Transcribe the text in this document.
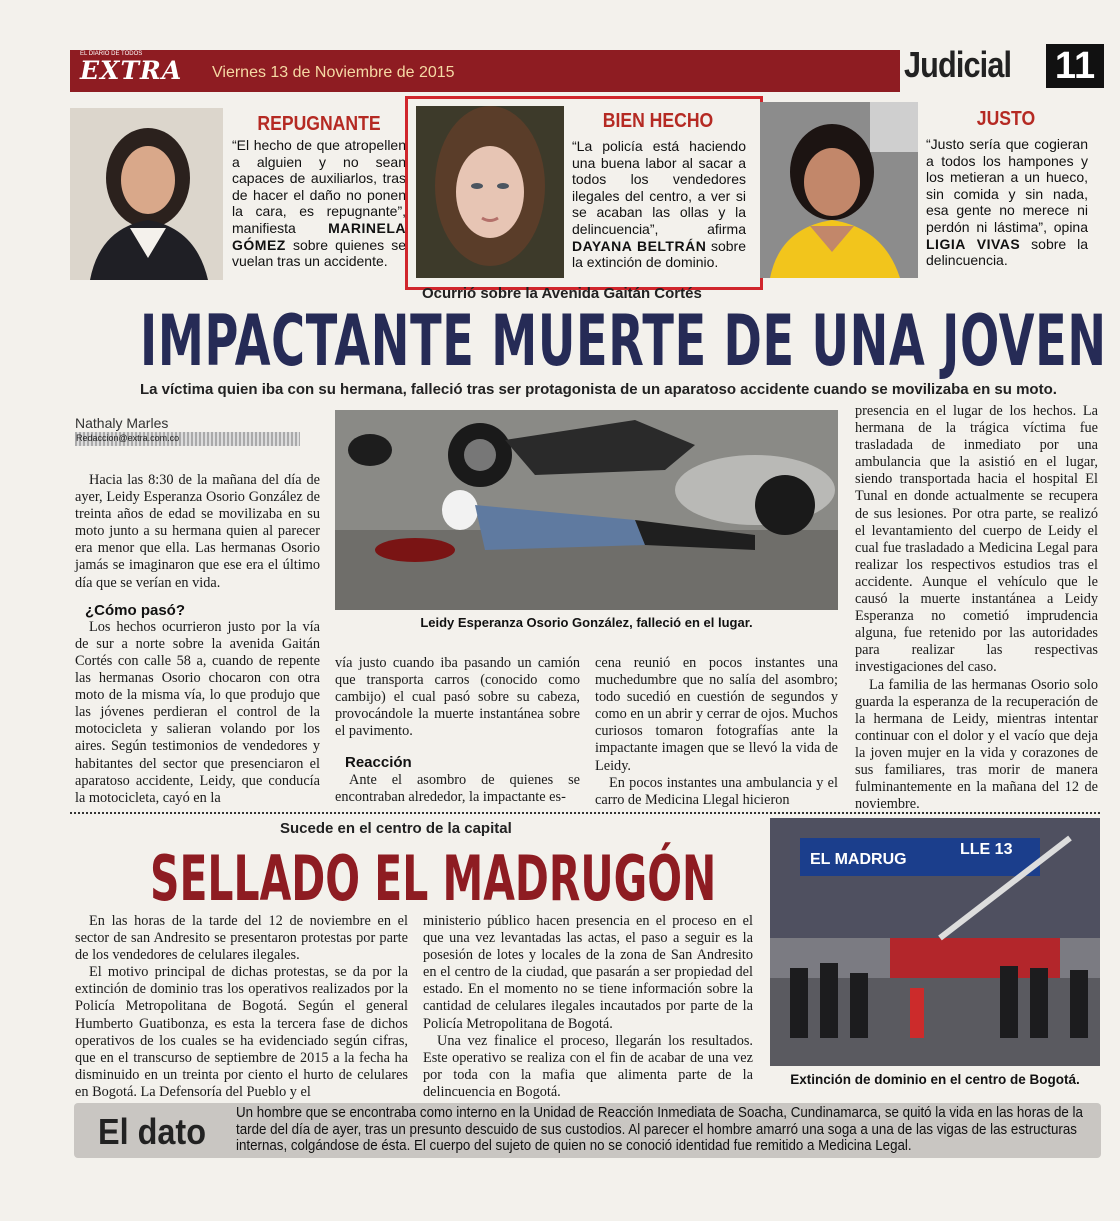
EL DIARIO DE TODOS
EXTRA Viernes 13 de Noviembre de 2015	Judicial 11
REPUGNANTE
“El hecho de que atropellen a alguien y no sean capaces de auxiliarlos, tras de hacer el daño no ponen la cara, es repugnante”, manifiesta MARINELA GÓMEZ sobre quienes se vuelan tras un accidente.
BIEN HECHO
“La policía está haciendo una buena labor al sacar a todos los vendedores ilegales del centro, a ver si se acaban las ollas y la delincuencia”, afirma DAYANA BELTRÁN sobre la extinción de dominio.
JUSTO
“Justo sería que cogieran a todos los hampones y los metieran a un hueco, sin comida y sin nada, esa gente no merece ni perdón ni lástima”, opina LIGIA VIVAS sobre la delincuencia.
Ocurrió sobre la Avenida Gaitán Cortés
IMPACTANTE MUERTE DE UNA JOVEN
La víctima quien iba con su hermana, falleció tras ser protagonista de un aparatoso accidente cuando se movilizaba en su moto.
Nathaly Marles
Redaccion@extra.com.co

Hacia las 8:30 de la mañana del día de ayer, Leidy Esperanza Osorio González de treinta años de edad se movilizaba en su moto junto a su hermana quien al parecer era menor que ella. Las hermanas Osorio jamás se imaginaron que ese era el último día que se verían en vida.

¿Cómo pasó?

Los hechos ocurrieron justo por la vía de sur a norte sobre la avenida Gaitán Cortés con calle 58 a, cuando de repente las hermanas Osorio chocaron con otra moto de la misma vía, lo que produjo que las jóvenes perdieran el control de la motocicleta y salieran volando por los aires. Según testimonios de vendedores y habitantes del sector que presenciaron el aparatoso accidente, Leidy, que conducía la motocicleta, cayó en la

Leidy Esperanza Osorio González, falleció en el lugar.

vía justo cuando iba pasando un camión que transporta carros (conocido como cambijo) el cual pasó sobre su cabeza, provocándole la muerte instantánea sobre el pavimento.

Reacción

Ante el asombro de quienes se encontraban alrededor, la impactante es-

cena reunió en pocos instantes una muchedumbre que no salía del asombro; todo sucedió en cuestión de segundos y como en un abrir y cerrar de ojos. Muchos curiosos tomaron fotografías ante la impactante imagen que se llevó la vida de Leidy.

En pocos instantes una ambulancia y el carro de Medicina Llegal hicieron

presencia en el lugar de los hechos. La hermana de la trágica víctima fue trasladada de inmediato por una ambulancia que la asistió en el lugar, siendo transportada hacia el hospital El Tunal en donde actualmente se recupera de sus lesiones. Por otra parte, se realizó el levantamiento del cuerpo de Leidy el cual fue trasladado a Medicina Legal para realizar los respectivos estudios tras el accidente. Aunque el vehículo que le causó la muerte instantánea a Leidy Esperanza no cometió imprudencia alguna, fue retenido por las autoridades para realizar las respectivas investigaciones del caso.

La familia de las hermanas Osorio solo guarda la esperanza de la recuperación de la hermana de Leidy, mientras intentar continuar con el dolor y el vacío que deja la joven mujer en la vida y corazones de sus familiares, tras morir de manera fulminantemente en la mañana del 12 de noviembre.

Sucede en el centro de la capital
SELLADO EL MADRUGÓN

En las horas de la tarde del 12 de noviembre en el sector de san Andresito se presentaron protestas por parte de los vendedores de celulares ilegales.

El motivo principal de dichas protestas, se da por la extinción de dominio tras los operativos realizados por la Policía Metropolitana de Bogotá. Según el general Humberto Guatibonza, es esta la tercera fase de dichos operativos de los cuales se ha evidenciado según cifras, que en el transcurso de septiembre de 2015 a la fecha ha disminuido en un treinta por ciento el hurto de celulares en Bogotá. La Defensoría del Pueblo y el

ministerio público hacen presencia en el proceso en el que una vez levantadas las actas, el paso a seguir es la posesión de lotes y locales de la zona de San Andresito en el centro de la ciudad, que pasarán a ser propiedad del estado. En el momento no se tiene información sobre la cantidad de celulares ilegales incautados por parte de la Policía Metropolitana de Bogotá.

Una vez finalice el proceso, llegarán los resultados. Este operativo se realiza con el fin de acabar de una vez por toda con la mafia que alimenta parte de la delincuencia en Bogotá.

EL MADRUG
LLE 13
Extinción de dominio en el centro de Bogotá.
El dato Un hombre que se encontraba como interno en la Unidad de Reacción Inmediata de Soacha, Cundinamarca, se quitó la vida en las horas de la tarde del día de ayer, tras un presunto descuido de sus custodios. Al parecer el hombre amarró una soga a una de las vigas de las estructuras internas, colgándose de ésta. El cuerpo del sujeto de quien no se conoció identidad fue remitido a Medicina Legal.
